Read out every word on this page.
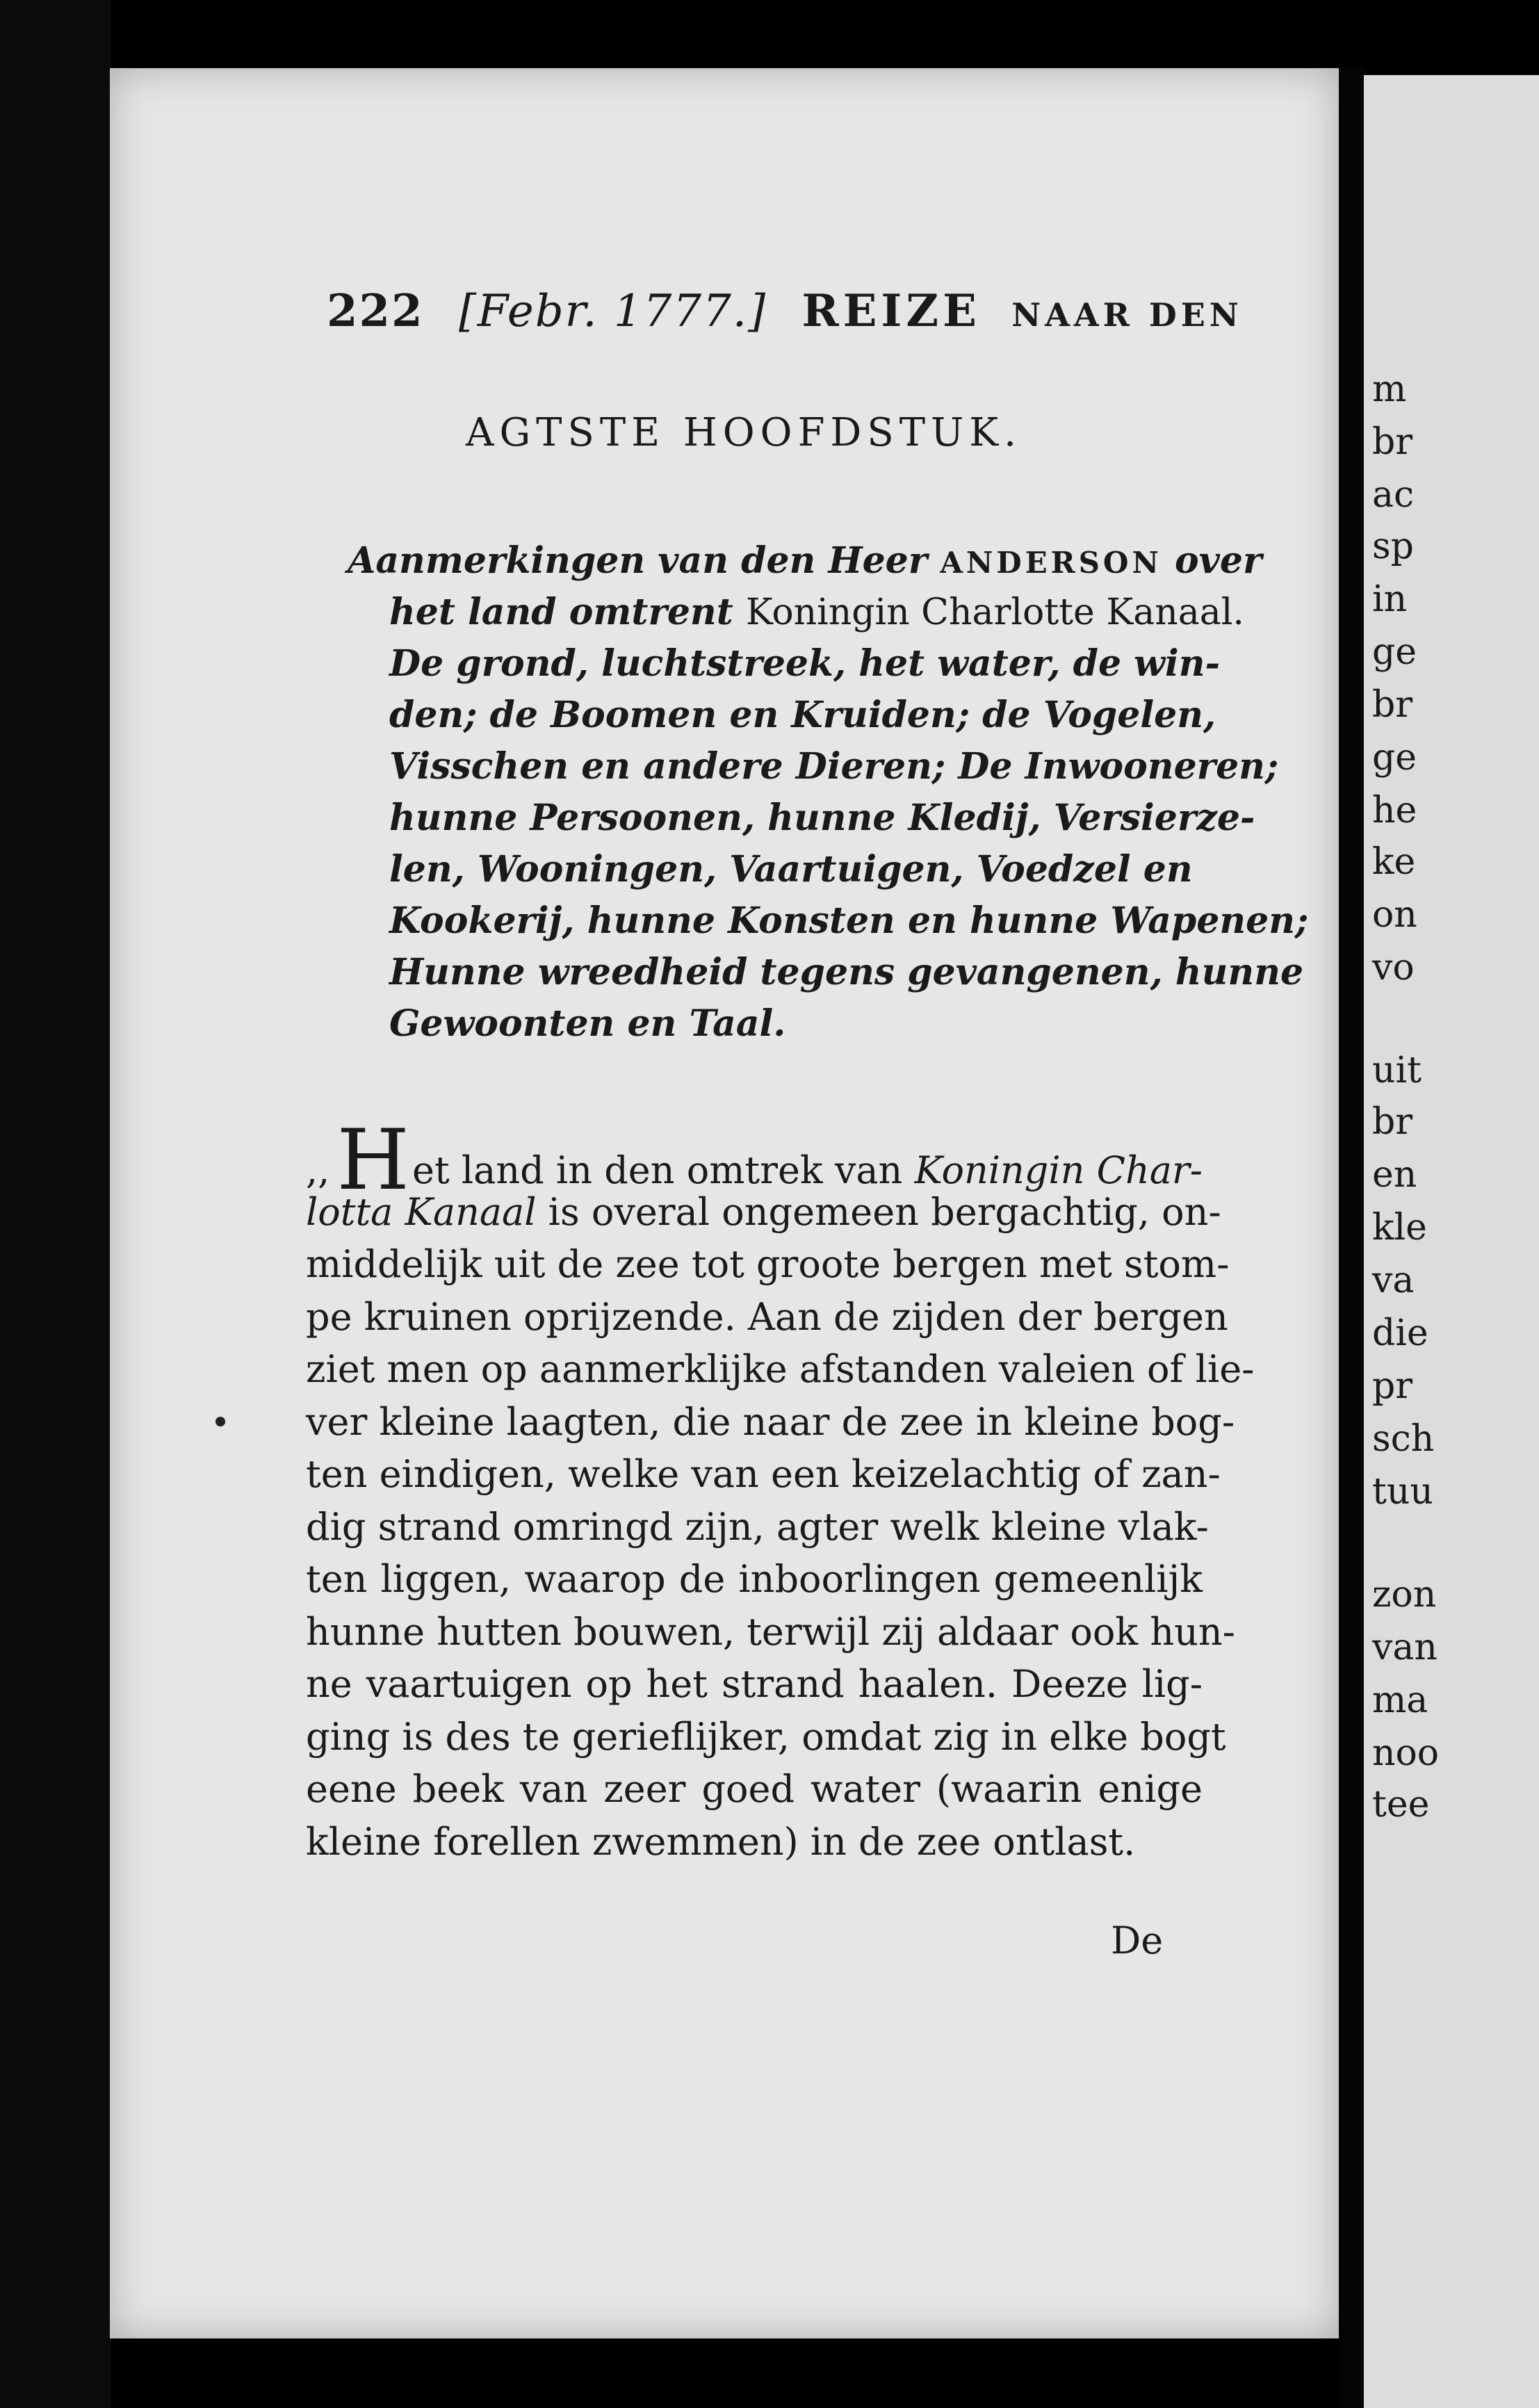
222 [Febr. 1777.] REIZE NAAR DEN
AGTSTE HOOFDSTUK.
Aanmerkingen van den Heer ANDERSON over
het land omtrent Koningin Charlotte Kanaal.
De grond, luchtstreek, het water, de win-
den; de Boomen en Kruiden; de Vogelen,
Visschen en andere Dieren; De Inwooneren;
hunne Persoonen, hunne Kledij, Versierze-
len, Wooningen, Vaartuigen, Voedzel en
Kookerij, hunne Konsten en hunne Wapenen;
Hunne wreedheid tegens gevangenen, hunne
Gewoonten en Taal.
,,Het land in den omtrek van Koningin Char-
lotta Kanaal is overal ongemeen bergachtig, on-
middelijk uit de zee tot groote bergen met stom-
pe kruinen oprijzende. Aan de zijden der bergen
ziet men op aanmerklijke afstanden valeien of lie-
ver kleine laagten, die naar de zee in kleine bog-
ten eindigen, welke van een keizelachtig of zan-
dig strand omringd zijn, agter welk kleine vlak-
ten liggen, waarop de inboorlingen gemeenlijk
hunne hutten bouwen, terwijl zij aldaar ook hun-
ne vaartuigen op het strand haalen. Deeze lig-
ging is des te gerieflijker, omdat zig in elke bogt
eene beek van zeer goed water (waarin enige
kleine forellen zwemmen) in de zee ontlast.
De
m
br
ac
sp
in
ge
br
ge
he
ke
on
vo
uit
br
en
kle
va
die
pr
sch
tuu
zon
van
ma
noo
tee
